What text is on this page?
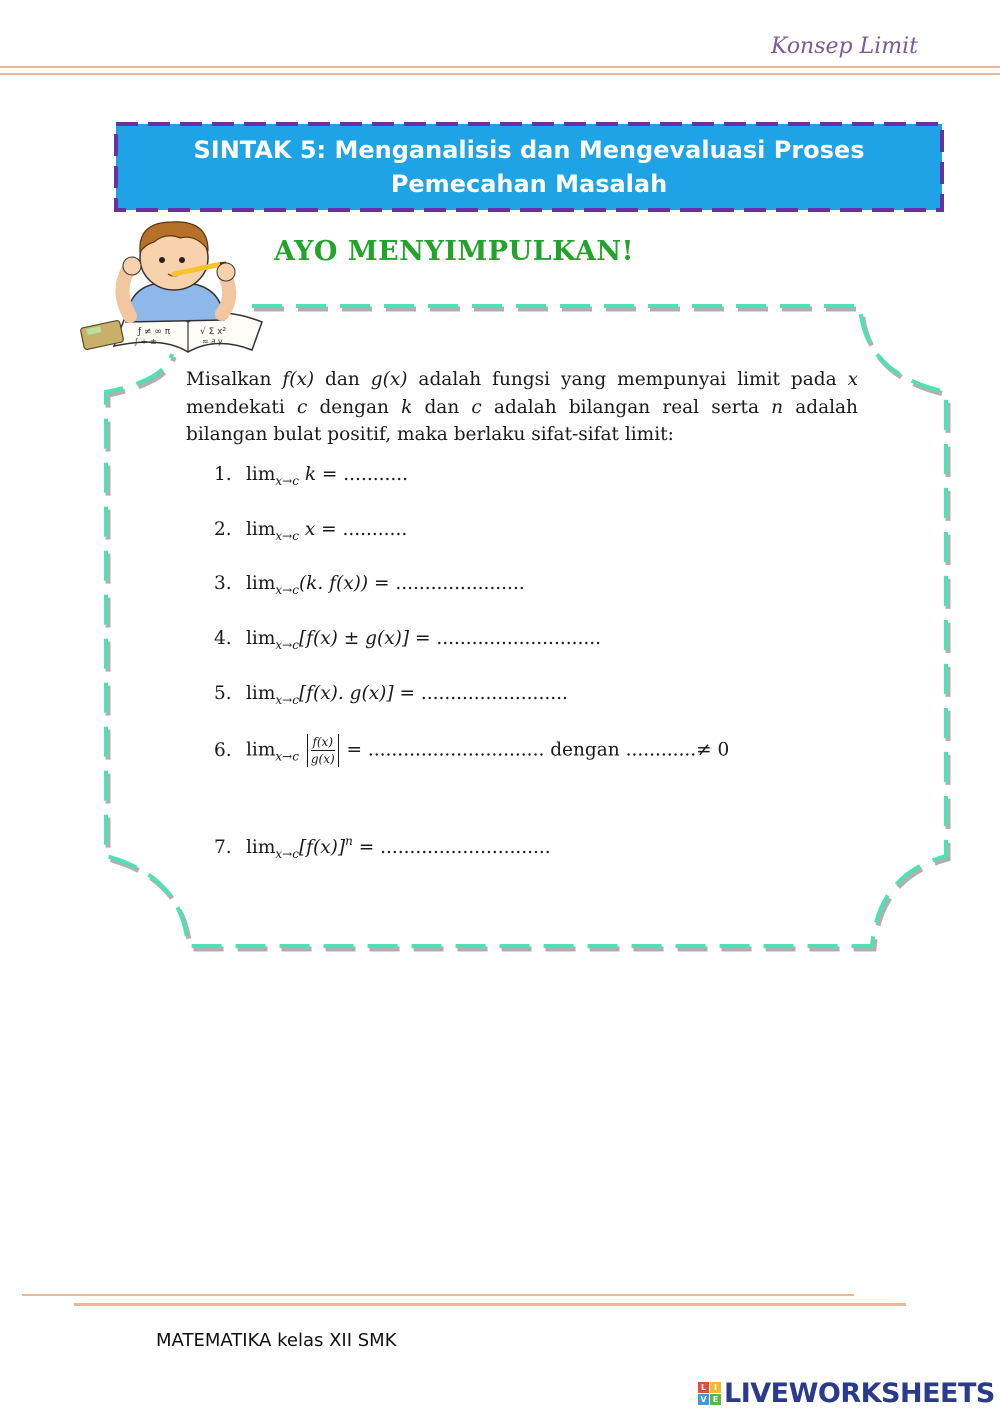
Konsep Limit
SINTAK 5: Menganalisis dan Mengevaluasi Proses
Pemecahan Masalah
AYO MENYIMPULKAN!
ƒ ≠ ∞ π	√ Σ x²
∫ ÷ ±	≈ ∂ y
Misalkan f(x) dan g(x) adalah fungsi yang mempunyai limit pada x mendekati c dengan k dan c adalah bilangan real serta n adalah bilangan bulat positif, maka berlaku sifat-sifat limit:
1. $\lim_{x\to c} k$ = ...........
2. $\lim_{x\to c} x$ = ...........
3. $\lim_{x\to c}(k$. f(x)) = ......................
4. $\lim_{x\to c}[f(x) \pm g(x)]$ = ............................
5. $\lim_{x\to c}[f(x)$. g(x)] = .........................
6. $\lim_{x\to c} \frac{f(x)}{g(x)}$ = .............................. dengan ............≠ 0
7. $\lim_{x\to c}[f(x)]^n$ = .............................
MATEMATIKA kelas XII SMK
L I
V E LIVEWORKSHEETS
